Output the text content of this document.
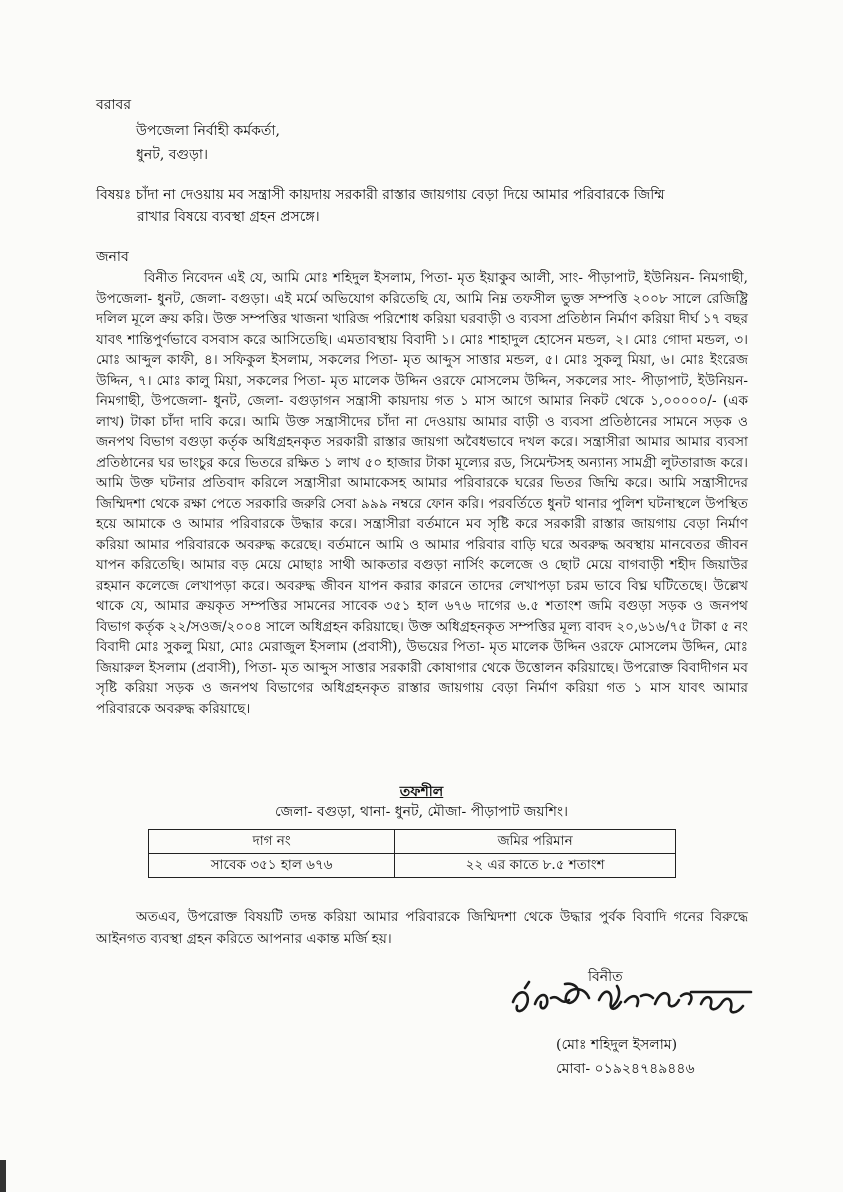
বরাবর
উপজেলা নির্বাহী কর্মকর্তা,
ধুনট, বগুড়া।
বিষয়ঃ চাঁদা না দেওয়ায় মব সন্ত্রাসী কায়দায় সরকারী রাস্তার জায়গায় বেড়া দিয়ে আমার পরিবারকে জিম্মি
রাখার বিষয়ে ব্যবস্থা গ্রহন প্রসঙ্গে।
জনাব
বিনীত নিবেদন এই যে, আমি মোঃ শহিদুল ইসলাম, পিতা- মৃত ইয়াকুব আলী, সাং- পীড়াপাট, ইউনিয়ন- নিমগাছী, উপজেলা- ধুনট, জেলা- বগুড়া। এই মর্মে অভিযোগ করিতেছি যে, আমি নিম্ন তফসীল ভুক্ত সম্পত্তি ২০০৮ সালে রেজিষ্ট্রি দলিল মূলে ক্রয় করি। উক্ত সম্পত্তির খাজনা খারিজ পরিশোধ করিয়া ঘরবাড়ী ও ব্যবসা প্রতিষ্ঠান নির্মাণ করিয়া দীর্ঘ ১৭ বছর যাবৎ শান্তিপুর্ণভাবে বসবাস করে আসিতেছি। এমতাবস্থায় বিবাদী ১। মোঃ শাহাদুল হোসেন মন্ডল, ২। মোঃ গোদা মন্ডল, ৩। মোঃ আব্দুল কাফী, ৪। সফিকুল ইসলাম, সকলের পিতা- মৃত আব্দুস সাত্তার মন্ডল, ৫। মোঃ সুকলু মিয়া, ৬। মোঃ ইংরেজ উদ্দিন, ৭। মোঃ কালু মিয়া, সকলের পিতা- মৃত মালেক উদ্দিন ওরফে মোসলেম উদ্দিন, সকলের সাং- পীড়াপাট, ইউনিয়ন- নিমগাছী, উপজেলা- ধুনট, জেলা- বগুড়াগন সন্ত্রাসী কায়দায় গত ১ মাস আগে আমার নিকট থেকে ১,০০০০০/- (এক লাখ) টাকা চাঁদা দাবি করে। আমি উক্ত সন্ত্রাসীদের চাঁদা না দেওয়ায় আমার বাড়ী ও ব্যবসা প্রতিষ্ঠানের সামনে সড়ক ও জনপথ বিভাগ বগুড়া কর্তৃক অধিগ্রহনকৃত সরকারী রাস্তার জায়গা অবৈধভাবে দখল করে। সন্ত্রাসীরা আমার আমার ব্যবসা প্রতিষ্ঠানের ঘর ভাংচুর করে ভিতরে রক্ষিত ১ লাখ ৫০ হাজার টাকা মূল্যের রড, সিমেন্টসহ অন্যান্য সামগ্রী লুটতারাজ করে। আমি উক্ত ঘটনার প্রতিবাদ করিলে সন্ত্রাসীরা আমাকেসহ আমার পরিবারকে ঘরের ভিতর জিম্মি করে। আমি সন্ত্রাসীদের জিম্মিদশা থেকে রক্ষা পেতে সরকারি জরুরি সেবা ৯৯৯ নম্বরে ফোন করি। পরবর্তিতে ধুনট থানার পুলিশ ঘটনাস্থলে উপস্থিত হয়ে আমাকে ও আমার পরিবারকে উদ্ধার করে। সন্ত্রাসীরা বর্তমানে মব সৃষ্টি করে সরকারী রাস্তার জায়গায় বেড়া নির্মাণ করিয়া আমার পরিবারকে অবরুদ্ধ করেছে। বর্তমানে আমি ও আমার পরিবার বাড়ি ঘরে অবরুদ্ধ অবস্থায় মানবেতর জীবন যাপন করিতেছি। আমার বড় মেয়ে মোছাঃ সাথী আকতার বগুড়া নার্সিং কলেজে ও ছোট মেয়ে বাগবাড়ী শহীদ জিয়াউর রহমান কলেজে লেখাপড়া করে। অবরুদ্ধ জীবন যাপন করার কারনে তাদের লেখাপড়া চরম ভাবে বিঘ্ন ঘটিতেছে। উল্লেখ থাকে যে, আমার ক্রয়কৃত সম্পত্তির সামনের সাবেক ৩৫১ হাল ৬৭৬ দাগের ৬.৫ শতাংশ জমি বগুড়া সড়ক ও জনপথ বিভাগ কর্তৃক ২২/সওজ/২০০৪ সালে অধিগ্রহন করিয়াছে। উক্ত অধিগ্রহনকৃত সম্পত্তির মূল্য বাবদ ২০,৬১৬/৭৫ টাকা ৫ নং বিবাদী মোঃ সুকলু মিয়া, মোঃ মেরাজুল ইসলাম (প্রবাসী), উভয়ের পিতা- মৃত মালেক উদ্দিন ওরফে মোসলেম উদ্দিন, মোঃ জিয়ারুল ইসলাম (প্রবাসী), পিতা- মৃত আব্দুস সাত্তার সরকারী কোষাগার থেকে উত্তোলন করিয়াছে। উপরোক্ত বিবাদীগন মব সৃষ্টি করিয়া সড়ক ও জনপথ বিভাগের অধিগ্রহনকৃত রাস্তার জায়গায় বেড়া নির্মাণ করিয়া গত ১ মাস যাবৎ আমার পরিবারকে অবরুদ্ধ করিয়াছে।
তফশীল
জেলা- বগুড়া, থানা- ধুনট, মৌজা- পীড়াপাট জয়শিং।
দাগ নং	জমির পরিমান
সাবেক ৩৫১ হাল ৬৭৬	২২ এর কাতে ৮.৫ শতাংশ
অতএব, উপরোক্ত বিষয়টি তদন্ত করিয়া আমার পরিবারকে জিম্মিদশা থেকে উদ্ধার পুর্বক বিবাদি গনের বিরুদ্ধে আইনগত ব্যবস্থা গ্রহন করিতে আপনার একান্ত মর্জি হয়।
বিনীত
(মোঃ শহিদুল ইসলাম)
মোবা- ০১৯২৪৭৪৯৪৪৬
